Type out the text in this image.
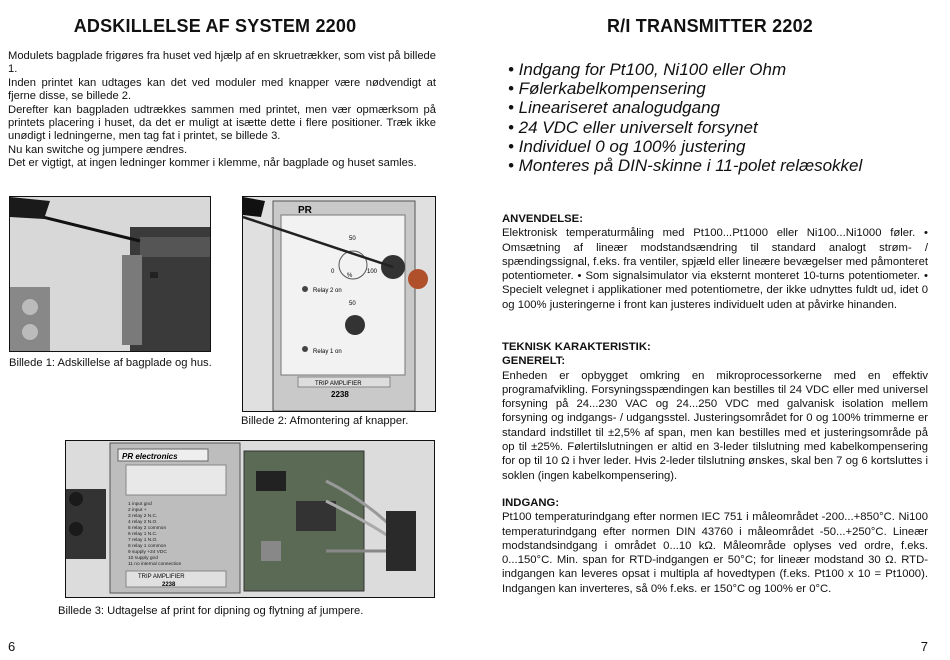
ADSKILLELSE AF SYSTEM 2200

Modulets bagplade frigøres fra huset ved hjælp af en skruetrækker, som vist på billede 1.

Inden printet kan udtages kan det ved moduler med knapper være nødvendigt at fjerne disse, se billede 2.

Derefter kan bagpladen udtrækkes sammen med printet, men vær opmærksom på printets placering i huset, da det er muligt at isætte dette i flere positioner. Træk ikke unødigt i ledningerne, men tag fat i printet, se billede 3.

Nu kan switche og jumpere ændres.

Det er vigtigt, at ingen ledninger kommer i klemme, når bagplade og huset samles.

Billede 1: Adskillelse af bagplade og hus.
PR
50
100
0
%
Relay 2 on
50
Relay 1 on
TRIP AMPLIFIER
2238
Billede 2: Afmontering af knapper.
PR electronics
1 input gnd
2 input +
3 relay 2 N.C.
4 relay 2 N.O.
5 relay 2 common
6 relay 1 N.C.
7 relay 1 N.O.
8 relay 1 common
9 supply +24 VDC
10 supply gnd
11 no internal connection
TRIP AMPLIFIER
2238
Billede 3: Udtagelse af print for dipning og flytning af jumpere.
6
R/I TRANSMITTER 2202
• Indgang for Pt100, Ni100 eller Ohm
• Følerkabelkompensering
• Lineariseret analogudgang
• 24 VDC eller universelt forsynet
• Individuel 0 og 100% justering
• Monteres på DIN-skinne i 11-polet relæsokkel
ANVENDELSE:

Elektronisk temperaturmåling med Pt100...Pt1000 eller Ni100...Ni1000 føler. • Omsætning af lineær modstandsændring til standard analogt strøm- / spændingssignal, f.eks. fra ventiler, spjæld eller lineære bevægelser med påmonteret potentiometer. • Som signalsimulator via eksternt monteret 10-turns potentiometer. • Specielt velegnet i applikationer med potentiometre, der ikke udnyttes fuldt ud, idet 0 og 100% justeringerne i front kan justeres individuelt uden at påvirke hinanden.

TEKNISK KARAKTERISTIK:
GENERELT:

Enheden er opbygget omkring en mikroprocessorkerne med en effektiv programafvikling. Forsyningsspændingen kan bestilles til 24 VDC eller med universel forsyning på 24...230 VAC og 24...250 VDC med galvanisk isolation mellem forsyning og indgangs- / udgangsstel. Justeringsområdet for 0 og 100% trimmerne er standard indstillet til ±2,5% af span, men kan bestilles med et justeringsområde på op til ±25%. Følertilslutningen er altid en 3-leder tilslutning med kabelkompensering for op til 10 Ω i hver leder. Hvis 2-leder tilslutning ønskes, skal ben 7 og 6 kortsluttes i soklen (ingen kabelkompensering).

INDGANG:

Pt100 temperaturindgang efter normen IEC 751 i måleområdet -200...+850°C. Ni100 temperaturindgang efter normen DIN 43760 i måleområdet -50...+250°C. Lineær modstandsindgang i området 0...10 kΩ. Måleområde oplyses ved ordre, f.eks. 0...150°C. Min. span for RTD-indgangen er 50°C; for lineær modstand 30 Ω. RTD-indgangen kan leveres opsat i multipla af hovedtypen (f.eks. Pt100 x 10 = Pt1000). Indgangen kan inverteres, så 0% f.eks. er 150°C og 100% er 0°C.

7
